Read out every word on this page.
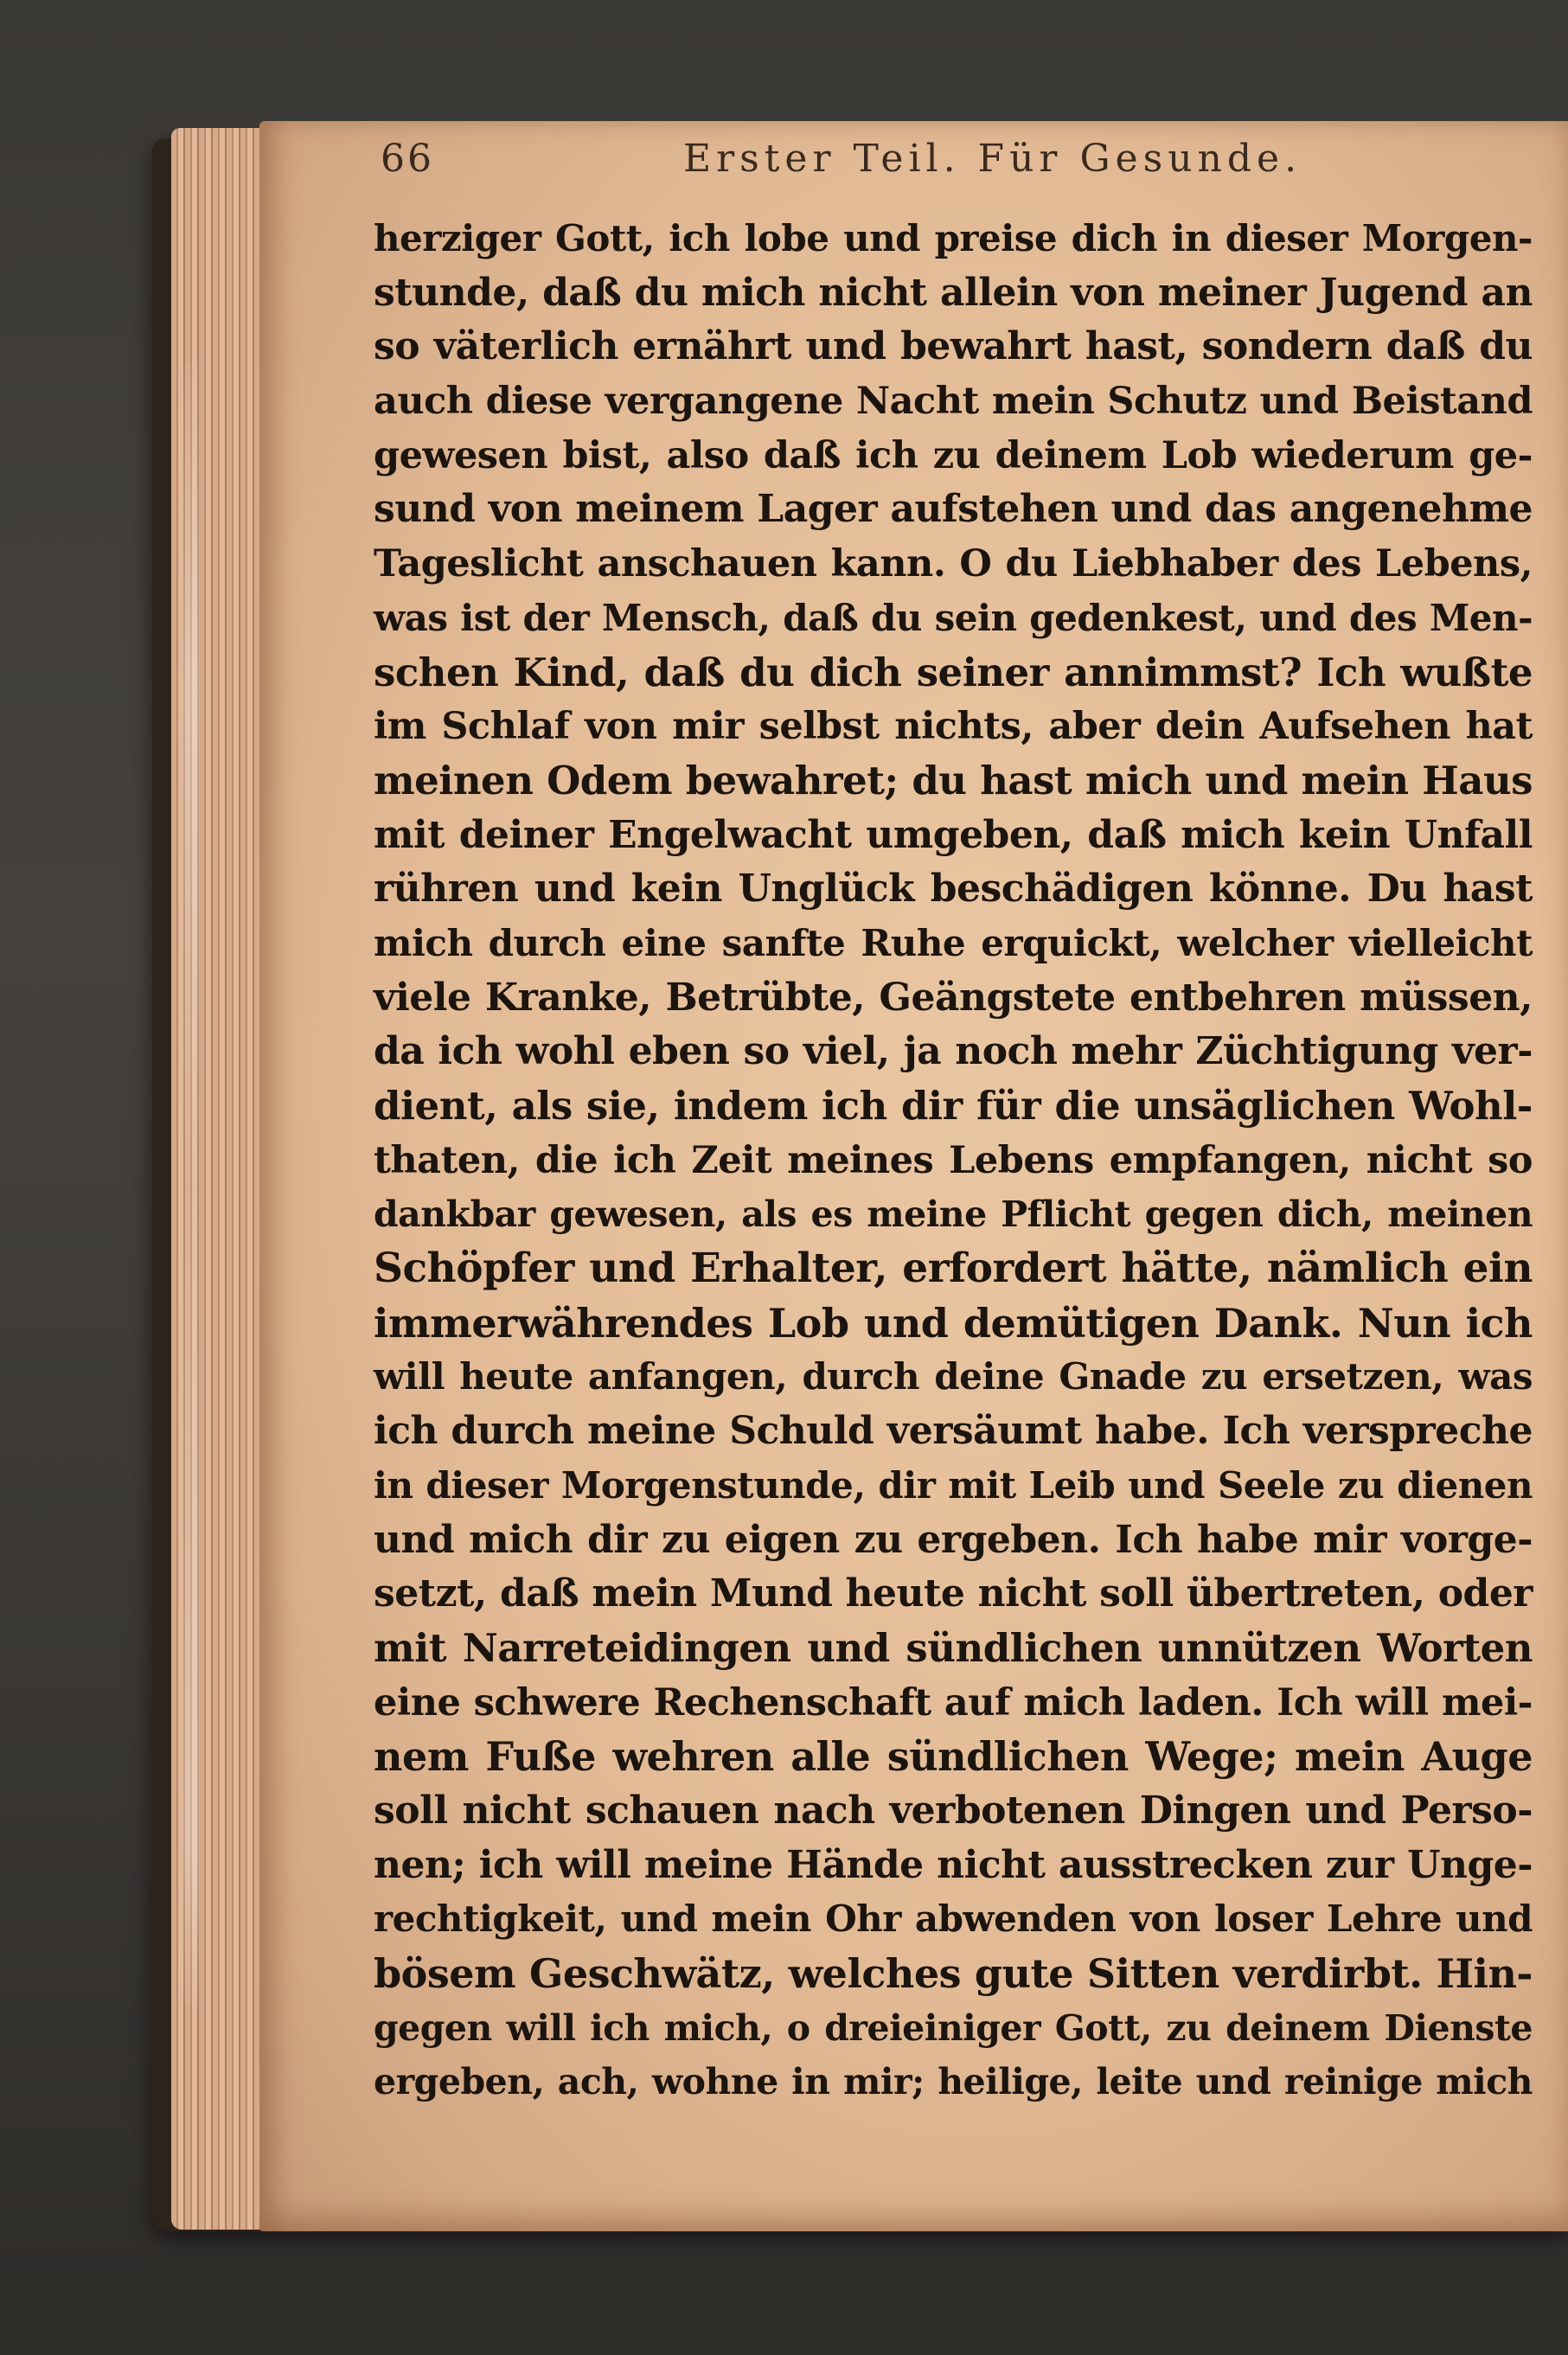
66	Erster Teil. Für Gesunde.
herziger Gott, ich lobe und preise dich in dieser Morgen-
stunde, daß du mich nicht allein von meiner Jugend an
so väterlich ernährt und bewahrt hast, sondern daß du
auch diese vergangene Nacht mein Schutz und Beistand
gewesen bist, also daß ich zu deinem Lob wiederum ge-
sund von meinem Lager aufstehen und das angenehme
Tageslicht anschauen kann. O du Liebhaber des Lebens,
was ist der Mensch, daß du sein gedenkest, und des Men-
schen Kind, daß du dich seiner annimmst? Ich wußte
im Schlaf von mir selbst nichts, aber dein Aufsehen hat
meinen Odem bewahret; du hast mich und mein Haus
mit deiner Engelwacht umgeben, daß mich kein Unfall
rühren und kein Unglück beschädigen könne. Du hast
mich durch eine sanfte Ruhe erquickt, welcher vielleicht
viele Kranke, Betrübte, Geängstete entbehren müssen,
da ich wohl eben so viel, ja noch mehr Züchtigung ver-
dient, als sie, indem ich dir für die unsäglichen Wohl-
thaten, die ich Zeit meines Lebens empfangen, nicht so
dankbar gewesen, als es meine Pflicht gegen dich, meinen
Schöpfer und Erhalter, erfordert hätte, nämlich ein
immerwährendes Lob und demütigen Dank. Nun ich
will heute anfangen, durch deine Gnade zu ersetzen, was
ich durch meine Schuld versäumt habe. Ich verspreche
in dieser Morgenstunde, dir mit Leib und Seele zu dienen
und mich dir zu eigen zu ergeben. Ich habe mir vorge-
setzt, daß mein Mund heute nicht soll übertreten, oder
mit Narreteidingen und sündlichen unnützen Worten
eine schwere Rechenschaft auf mich laden. Ich will mei-
nem Fuße wehren alle sündlichen Wege; mein Auge
soll nicht schauen nach verbotenen Dingen und Perso-
nen; ich will meine Hände nicht ausstrecken zur Unge-
rechtigkeit, und mein Ohr abwenden von loser Lehre und
bösem Geschwätz, welches gute Sitten verdirbt. Hin-
gegen will ich mich, o dreieiniger Gott, zu deinem Dienste
ergeben, ach, wohne in mir; heilige, leite und reinige mich
